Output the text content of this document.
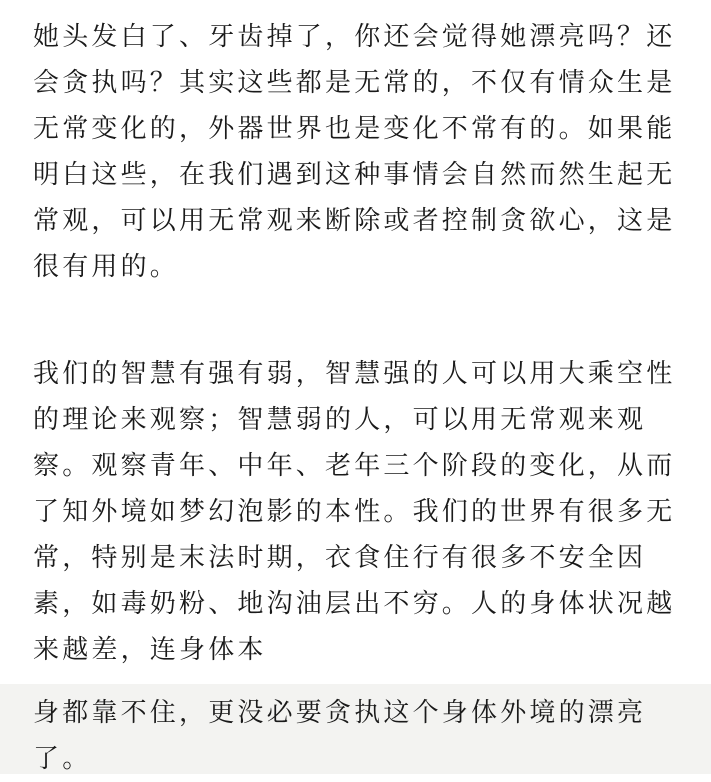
她头发白了、牙齿掉了，你还会觉得她漂亮吗？还
会贪执吗？其实这些都是无常的，不仅有情众生是
无常变化的，外器世界也是变化不常有的。如果能
明白这些，在我们遇到这种事情会自然而然生起无
常观，可以用无常观来断除或者控制贪欲心，这是
很有用的。
我们的智慧有强有弱，智慧强的人可以用大乘空性
的理论来观察；智慧弱的人，可以用无常观来观
察。观察青年、中年、老年三个阶段的变化，从而
了知外境如梦幻泡影的本性。我们的世界有很多无
常，特别是末法时期，衣食住行有很多不安全因
素，如毒奶粉、地沟油层出不穷。人的身体状况越
来越差，连身体本
身都靠不住，更没必要贪执这个身体外境的漂亮
了。
